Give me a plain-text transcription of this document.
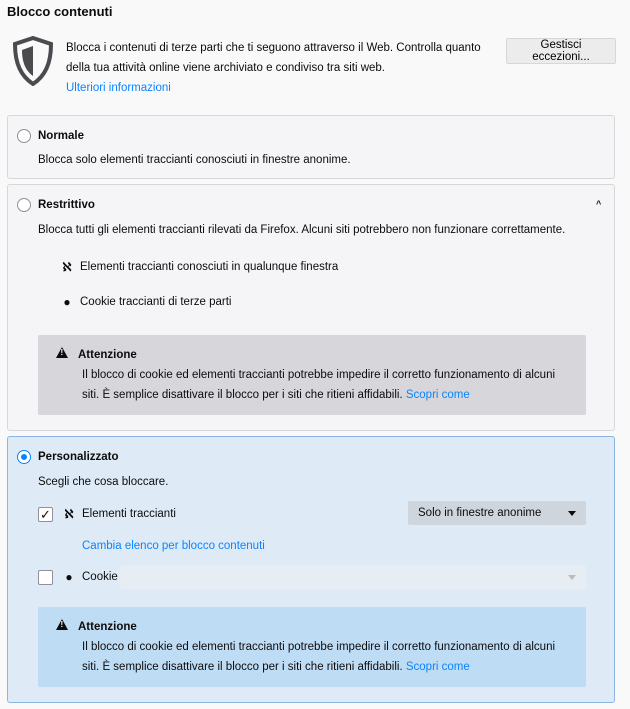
Blocco contenuti
Blocca i contenuti di terze parti che ti seguono attraverso il Web. Controlla quanto della tua attività online viene archiviato e condiviso tra siti web.
Ulteriori informazioni
Gestisci eccezioni...
Normale
Blocca solo elementi traccianti conosciuti in finestre anonime.
Restrittivo	^
Blocca tutti gli elementi traccianti rilevati da Firefox. Alcuni siti potrebbero non funzionare correttamente.
ℵ Elementi traccianti conosciuti in qualunque finestra
● Cookie traccianti di terze parti
!
Attenzione
Il blocco di cookie ed elementi traccianti potrebbe impedire il corretto funzionamento di alcuni siti. È semplice disattivare il blocco per i siti che ritieni affidabili. Scopri come
Personalizzato
Scegli che cosa bloccare.
✓ ℵ Elementi traccianti	Solo in finestre anonime
Cambia elenco per blocco contenuti
● Cookie
!
Attenzione
Il blocco di cookie ed elementi traccianti potrebbe impedire il corretto funzionamento di alcuni siti. È semplice disattivare il blocco per i siti che ritieni affidabili. Scopri come
